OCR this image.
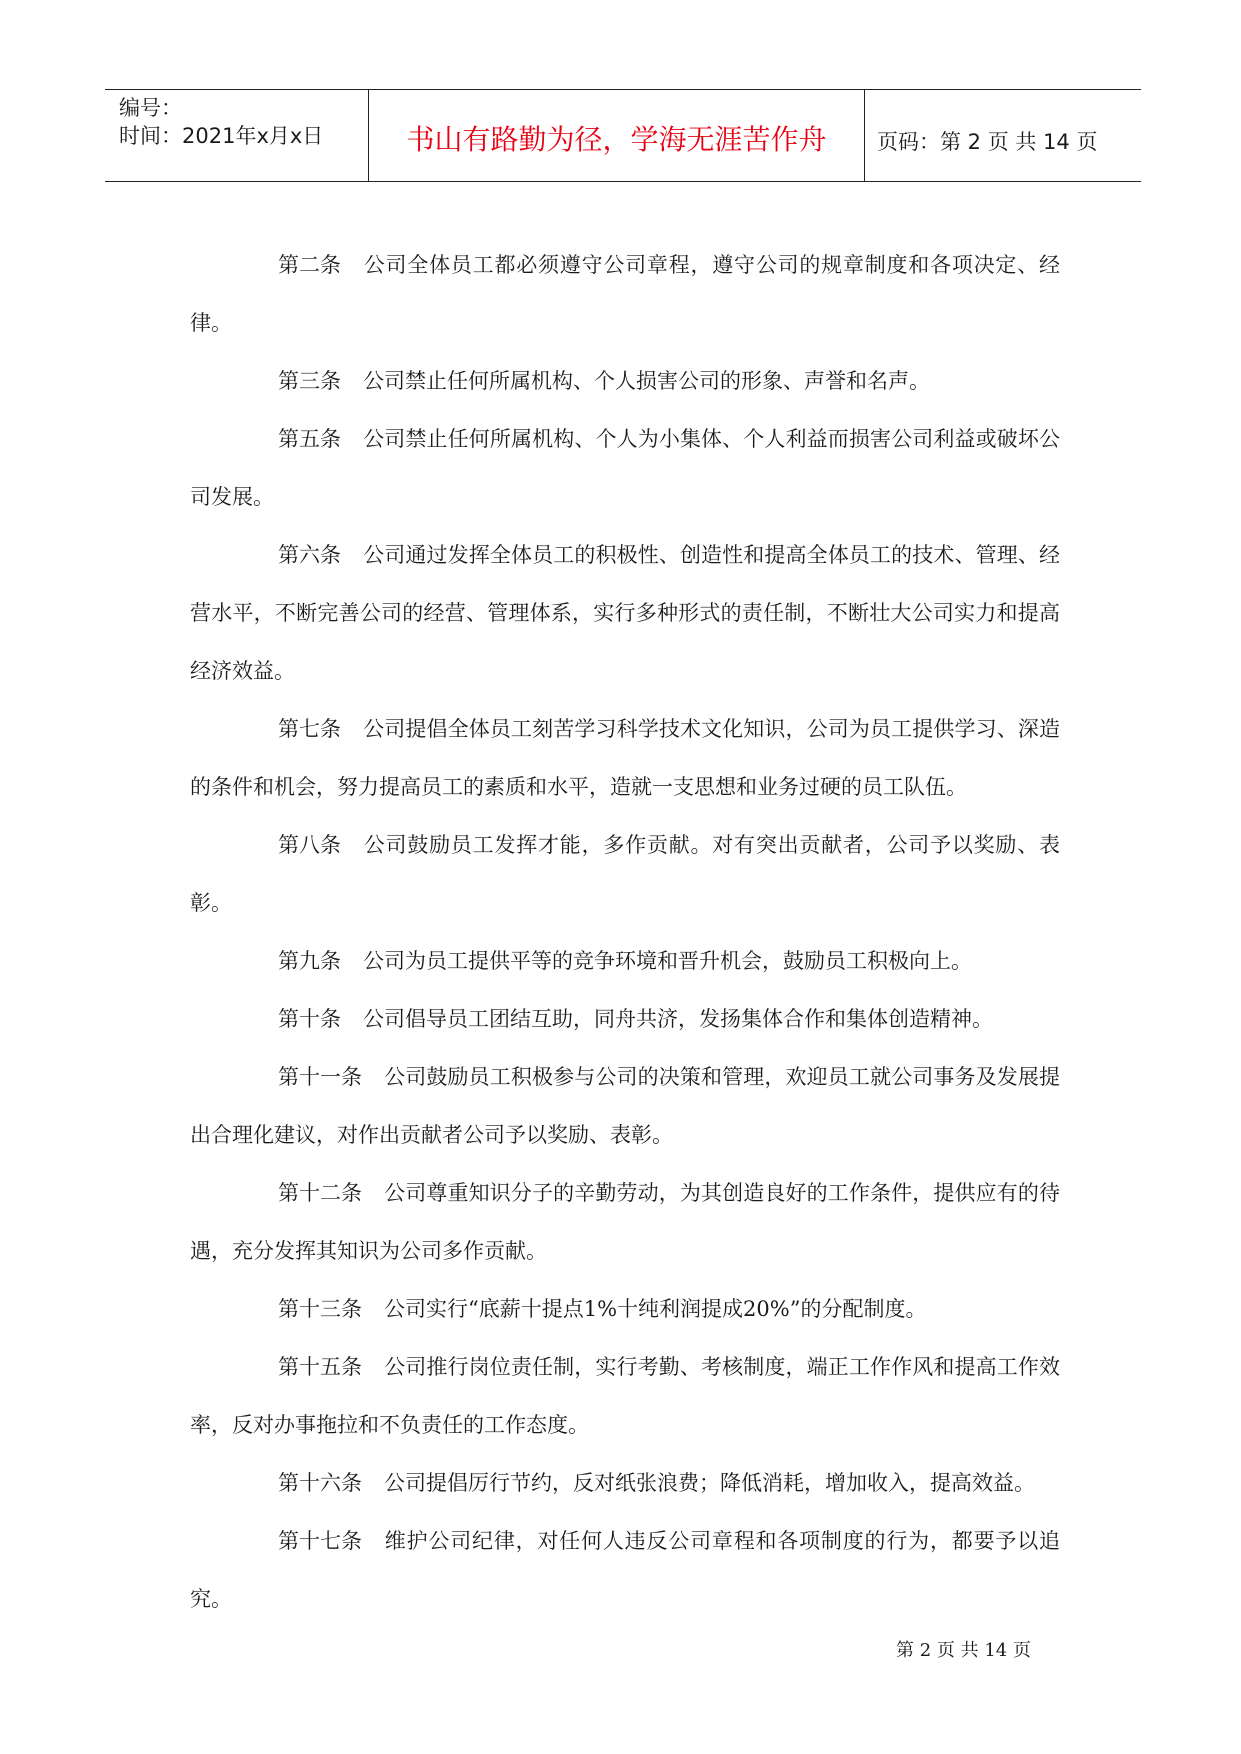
编号：
时间：2021年x月x日	书山有路勤为径，学海无涯苦作舟	页码：第 2 页 共 14 页

第二条 公司全体员工都必须遵守公司章程，遵守公司的规章制度和各项决定、经律。

第三条 公司禁止任何所属机构、个人损害公司的形象、声誉和名声。

第五条 公司禁止任何所属机构、个人为小集体、个人利益而损害公司利益或破坏公司发展。

第六条 公司通过发挥全体员工的积极性、创造性和提高全体员工的技术、管理、经营水平，不断完善公司的经营、管理体系，实行多种形式的责任制，不断壮大公司实力和提高经济效益。

第七条 公司提倡全体员工刻苦学习科学技术文化知识，公司为员工提供学习、深造的条件和机会，努力提高员工的素质和水平，造就一支思想和业务过硬的员工队伍。

第八条 公司鼓励员工发挥才能，多作贡献。对有突出贡献者，公司予以奖励、表彰。

第九条 公司为员工提供平等的竞争环境和晋升机会，鼓励员工积极向上。

第十条 公司倡导员工团结互助，同舟共济，发扬集体合作和集体创造精神。

第十一条 公司鼓励员工积极参与公司的决策和管理，欢迎员工就公司事务及发展提出合理化建议，对作出贡献者公司予以奖励、表彰。

第十二条 公司尊重知识分子的辛勤劳动，为其创造良好的工作条件，提供应有的待遇，充分发挥其知识为公司多作贡献。

第十三条 公司实行“底薪十提点1%十纯利润提成20%”的分配制度。

第十五条 公司推行岗位责任制，实行考勤、考核制度，端正工作作风和提高工作效率，反对办事拖拉和不负责任的工作态度。

第十六条 公司提倡厉行节约，反对纸张浪费；降低消耗，增加收入，提高效益。

第十七条 维护公司纪律，对任何人违反公司章程和各项制度的行为，都要予以追究。

第 2 页 共 14 页
